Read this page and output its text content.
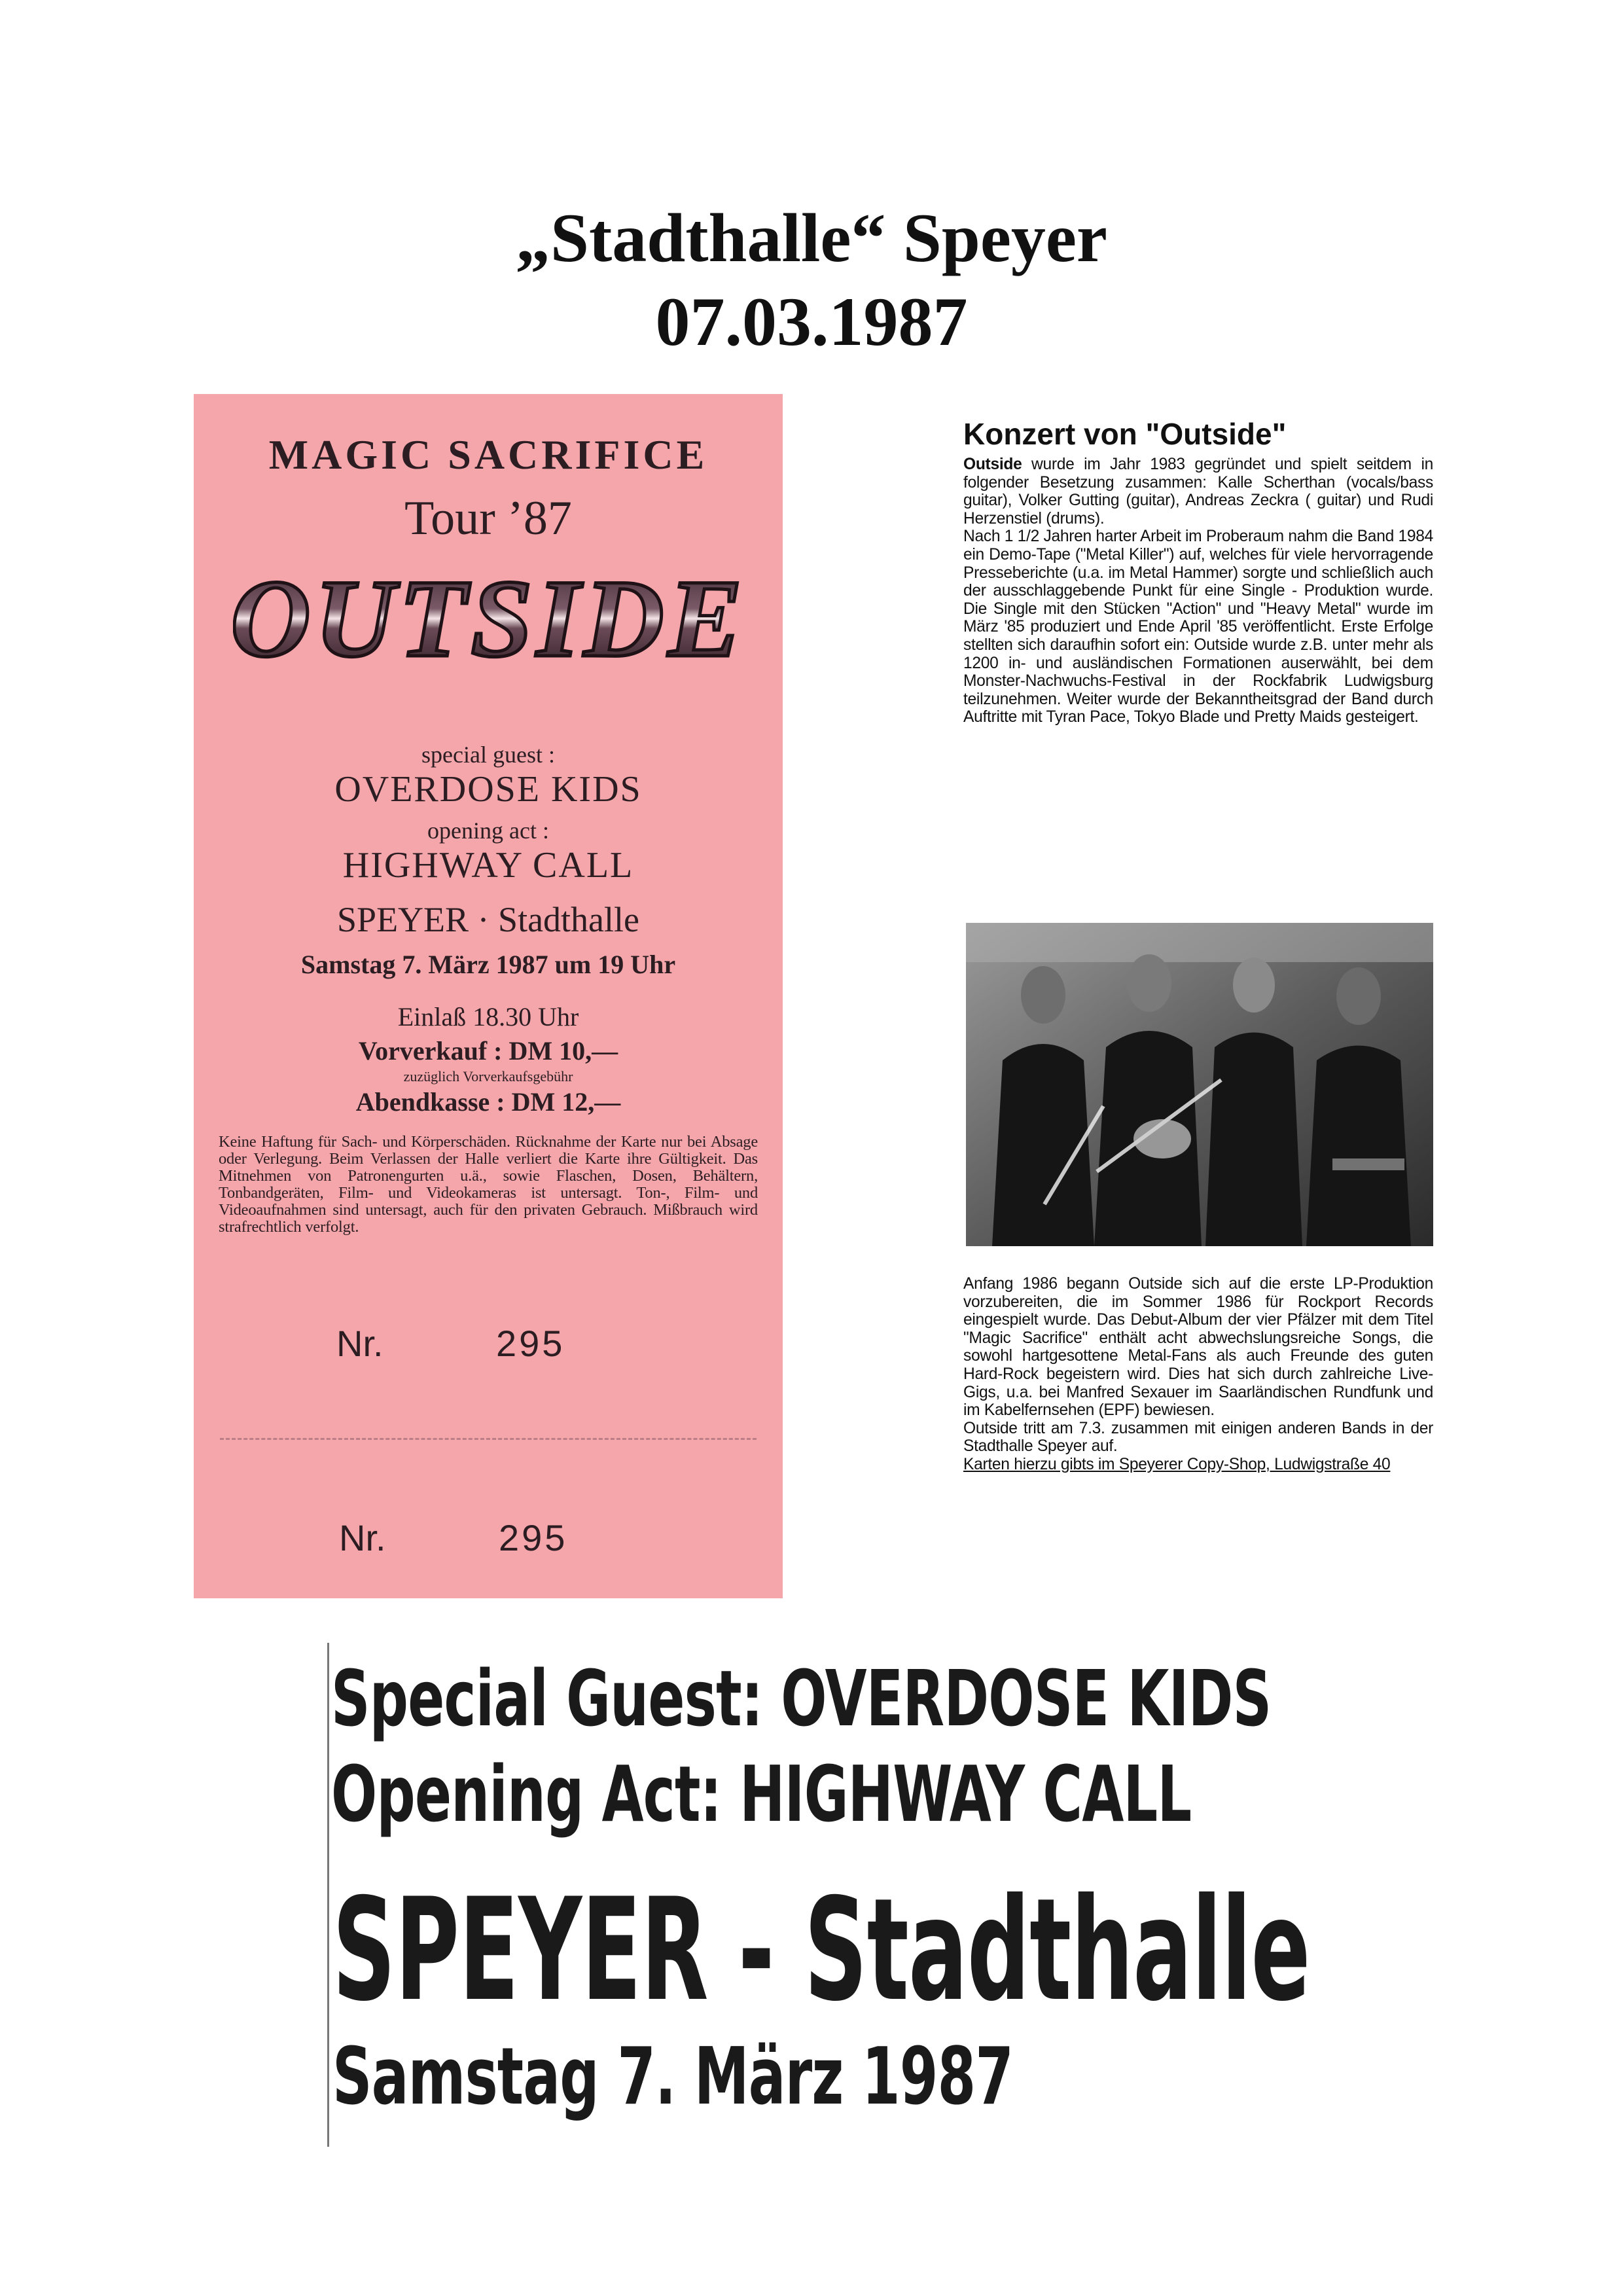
„Stadthalle“ Speyer
07.03.1987
MAGIC SACRIFICE
Tour ’87
OUTSIDE
special guest :
OVERDOSE KIDS
opening act :
HIGHWAY CALL
SPEYER · Stadthalle
Samstag 7. März 1987 um 19 Uhr
Einlaß 18.30 Uhr
Vorverkauf : DM 10,—
zuzüglich Vorverkaufsgebühr
Abendkasse : DM 12,—
Keine Haftung für Sach- und Körperschäden. Rücknahme der Karte nur bei Absage oder Verlegung. Beim Verlassen der Halle verliert die Karte ihre Gültigkeit. Das Mitnehmen von Patronengurten u.ä., sowie Flaschen, Dosen, Behältern, Tonbandgeräten, Film- und Videokameras ist untersagt. Ton-, Film- und Videoaufnahmen sind untersagt, auch für den privaten Gebrauch. Mißbrauch wird strafrechtlich verfolgt.
Nr.	295
Nr.	295
Konzert von "Outside"
Outside wurde im Jahr 1983 gegründet und spielt seitdem in folgender Besetzung zusammen: Kalle Scherthan (vocals/bass guitar), Volker Gutting (guitar), Andreas Zeckra ( guitar) und Rudi Herzenstiel (drums).
Nach 1 1/2 Jahren harter Arbeit im Proberaum nahm die Band 1984 ein Demo-Tape ("Metal Killer") auf, welches für viele hervorragende Presseberichte (u.a. im Metal Hammer) sorgte und schließlich auch der ausschlaggebende Punkt für eine Single - Produktion wurde. Die Single mit den Stücken "Action" und "Heavy Metal" wurde im März '85 produziert und Ende April '85 veröffentlicht. Erste Erfolge stellten sich daraufhin sofort ein: Outside wurde z.B. unter mehr als 1200 in- und ausländischen Formationen auserwählt, bei dem Monster-Nachwuchs-Festival in der Rockfabrik Ludwigsburg teilzunehmen. Weiter wurde der Bekanntheitsgrad der Band durch Auftritte mit Tyran Pace, Tokyo Blade und Pretty Maids gesteigert.
Anfang 1986 begann Outside sich auf die erste LP-Produktion vorzubereiten, die im Sommer 1986 für Rockport Records eingespielt wurde. Das Debut-Album der vier Pfälzer mit dem Titel "Magic Sacrifice" enthält acht abwechslungsreiche Songs, die sowohl hartgesottene Metal-Fans als auch Freunde des guten Hard-Rock begeistern wird. Dies hat sich durch zahlreiche Live-Gigs, u.a. bei Manfred Sexauer im Saarländischen Rundfunk und im Kabelfernsehen (EPF) bewiesen.
Outside tritt am 7.3. zusammen mit einigen anderen Bands in der Stadthalle Speyer auf.
Karten hierzu gibts im Speyerer Copy-Shop, Ludwigstraße 40
Special Guest: OVERDOSE KIDS
Opening Act: HIGHWAY CALL
SPEYER - Stadthalle
Samstag 7. März 1987
